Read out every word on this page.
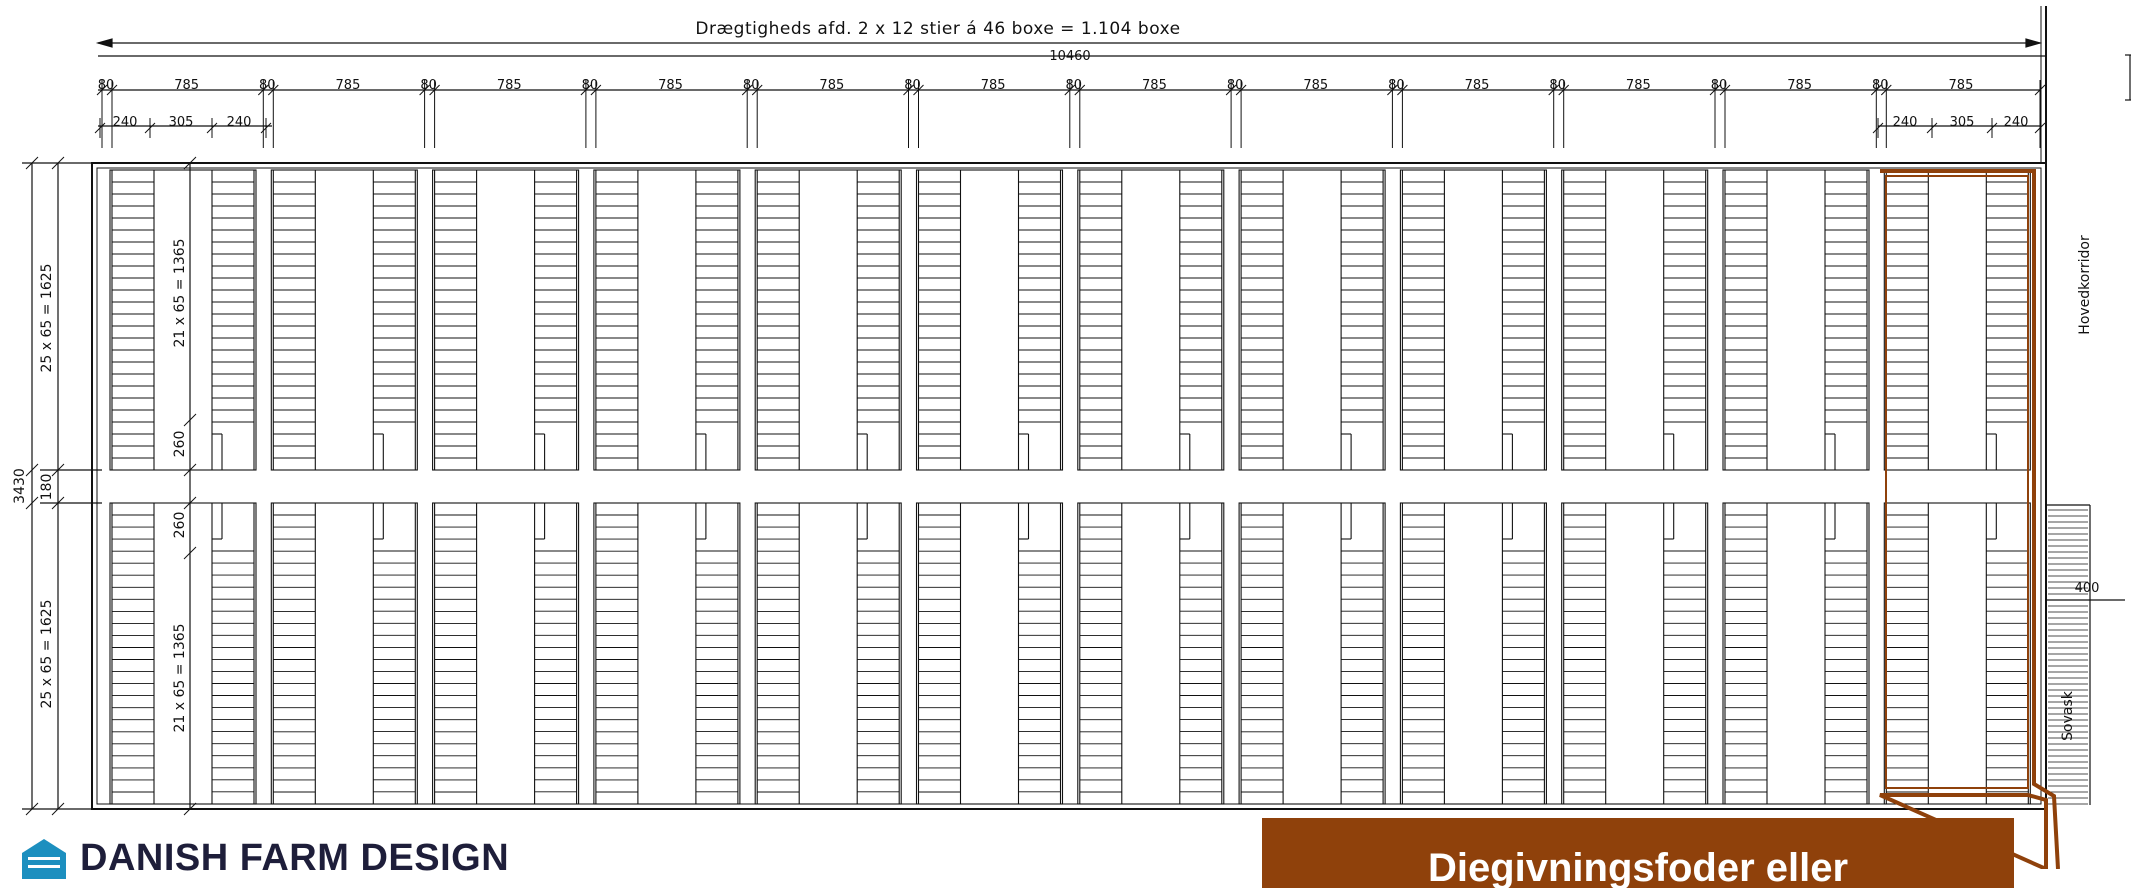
Drægtigheds afd. 2 x 12 stier á 46 boxe = 1.104 boxe
10460
3430
25 x 65 = 1625
25 x 65 = 1625
180
21 x 65 = 1365
21 x 65 = 1365
260
260
Hovedkorridor
400
Sovask
80	785	80	785	80	785	80	785	80	785	80	785	80	785	80	785	80	785	80	785	80	785	80	785
240 305	240	240 305 240
DANISH FARM DESIGN	Diegivningsfoder eller
